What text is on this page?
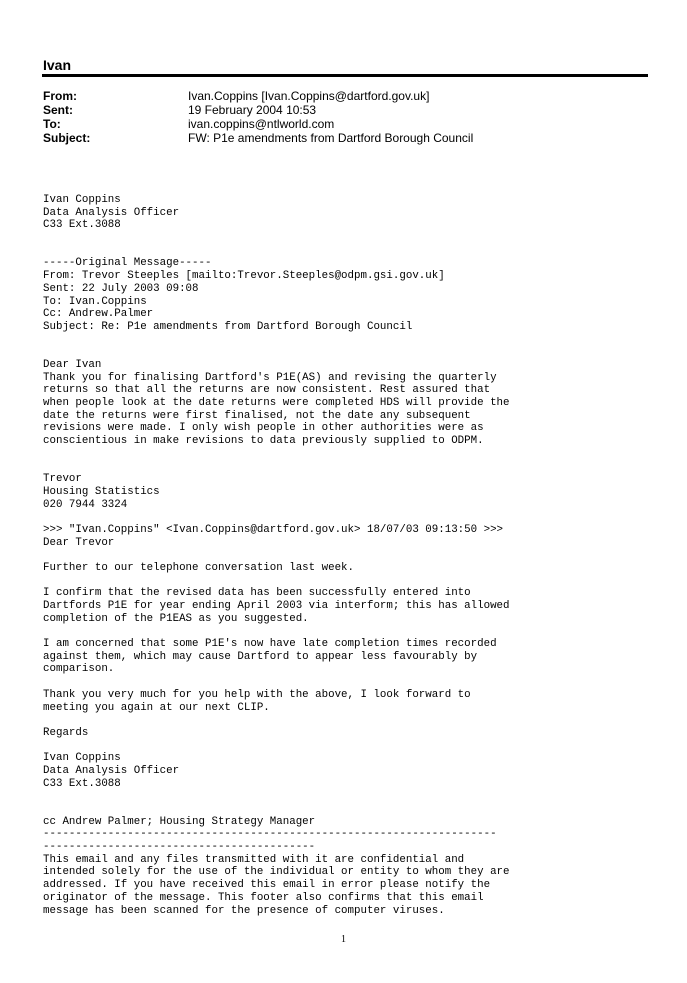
Ivan
From:	Ivan.Coppins [Ivan.Coppins@dartford.gov.uk]
Sent:	19 February 2004 10:53
To:	ivan.coppins@ntlworld.com
Subject:	FW: P1e amendments from Dartford Borough Council
Ivan Coppins
Data Analysis Officer
C33 Ext.3088
-----Original Message-----
From: Trevor Steeples [mailto:Trevor.Steeples@odpm.gsi.gov.uk]
Sent: 22 July 2003 09:08
To: Ivan.Coppins
Cc: Andrew.Palmer
Subject: Re: P1e amendments from Dartford Borough Council
Dear Ivan
Thank you for finalising Dartford's P1E(AS) and revising the quarterly
returns so that all the returns are now consistent. Rest assured that
when people look at the date returns were completed HDS will provide the
date the returns were first finalised, not the date any subsequent
revisions were made. I only wish people in other authorities were as
conscientious in make revisions to data previously supplied to ODPM.
Trevor
Housing Statistics
020 7944 3324
>>> "Ivan.Coppins" <Ivan.Coppins@dartford.gov.uk> 18/07/03 09:13:50 >>>
Dear Trevor
Further to our telephone conversation last week.
I confirm that the revised data has been successfully entered into
Dartfords P1E for year ending April 2003 via interform; this has allowed
completion of the P1EAS as you suggested.
I am concerned that some P1E's now have late completion times recorded
against them, which may cause Dartford to appear less favourably by
comparison.
Thank you very much for you help with the above, I look forward to
meeting you again at our next CLIP.
Regards
Ivan Coppins
Data Analysis Officer
C33 Ext.3088
cc Andrew Palmer; Housing Strategy Manager
----------------------------------------------------------------------
------------------------------------------
This email and any files transmitted with it are confidential and
intended solely for the use of the individual or entity to whom they are
addressed. If you have received this email in error please notify the
originator of the message. This footer also confirms that this email
message has been scanned for the presence of computer viruses.
1
